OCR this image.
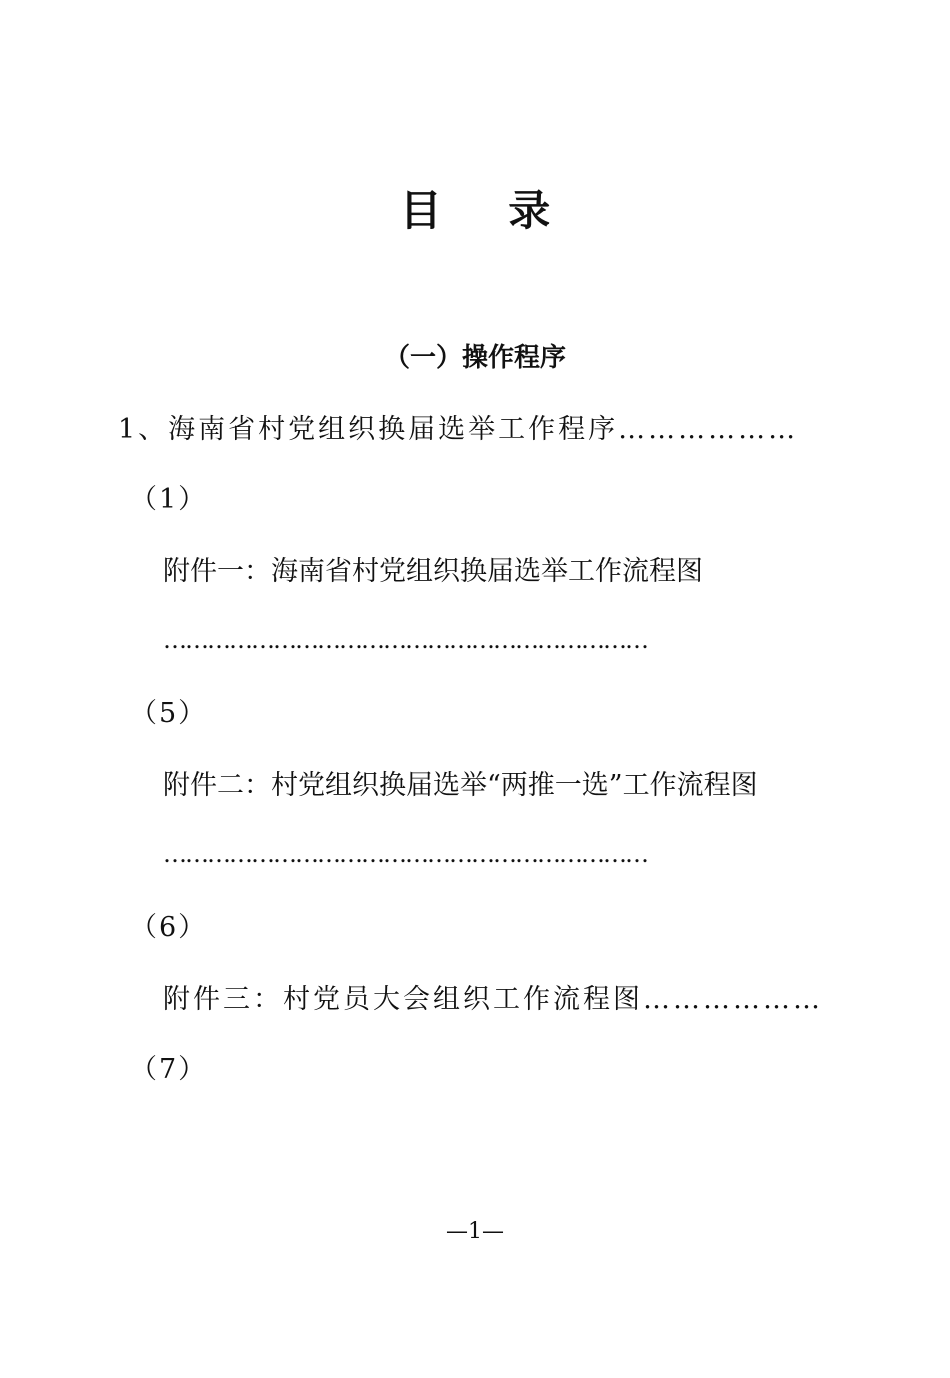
目 录
（一）操作程序
1、海南省村党组织换届选举工作程序………………
（1）
附件一：海南省村党组织换届选举工作流程图
…………………………………………………………
（5）
附件二：村党组织换届选举“两推一选”工作流程图
…………………………………………………………
（6）
附件三：村党员大会组织工作流程图………………
（7）
—1—
